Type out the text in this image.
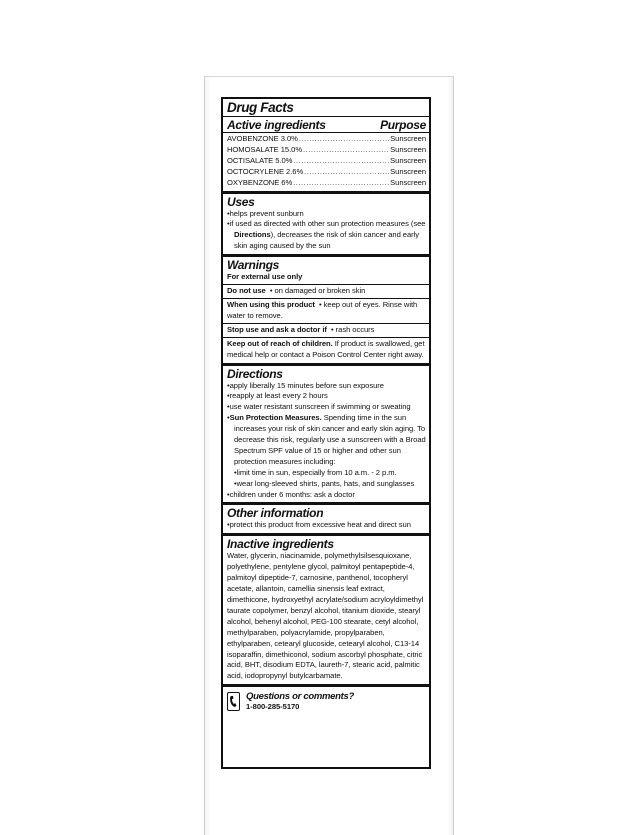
Drug Facts
Active ingredients	Purpose
AVOBENZONE 3.0% .....	Sunscreen
HOMOSALATE 15.0% .....	Sunscreen
OCTISALATE 5.0% .....	Sunscreen
OCTOCRYLENE 2.6% .....	Sunscreen
OXYBENZONE 6% .....	Sunscreen
Uses
• helps prevent sunburn
• if used as directed with other sun protection measures (see Directions), decreases the risk of skin cancer and early skin aging caused by the sun
Warnings
For external use only
Do not use • on damaged or broken skin
When using this product • keep out of eyes. Rinse with water to remove.
Stop use and ask a doctor if • rash occurs
Keep out of reach of children. If product is swallowed, get medical help or contact a Poison Control Center right away.
Directions
• apply liberally 15 minutes before sun exposure
• reapply at least every 2 hours
• use water resistant sunscreen if swimming or sweating
• Sun Protection Measures. Spending time in the sun increases your risk of skin cancer and early skin aging. To decrease this risk, regularly use a sunscreen with a Broad Spectrum SPF value of 15 or higher and other sun protection measures including:
• limit time in sun, especially from 10 a.m. - 2 p.m.
• wear long-sleeved shirts, pants, hats, and sunglasses
• children under 6 months: ask a doctor
Other information
• protect this product from excessive heat and direct sun
Inactive ingredients
Water, glycerin, niacinamide, polymethylsilsesquioxane, polyethylene, pentylene glycol, palmitoyl pentapeptide-4, palmitoyl dipeptide-7, carnosine, panthenol, tocopheryl acetate, allantoin, camellia sinensis leaf extract, dimethicone, hydroxyethyl acrylate/sodium acryloyldimethyl taurate copolymer, benzyl alcohol, titanium dioxide, stearyl alcohol, behenyl alcohol, PEG-100 stearate, cetyl alcohol, methylparaben, polyacrylamide, propylparaben, ethylparaben, cetearyl glucoside, cetearyl alcohol, C13-14 isoparaffin, dimethiconol, sodium ascorbyl phosphate, citric acid, BHT, disodium EDTA, laureth-7, stearic acid, palmitic acid, iodopropynyl butylcarbamate.
Questions or comments?
1-800-285-5170
